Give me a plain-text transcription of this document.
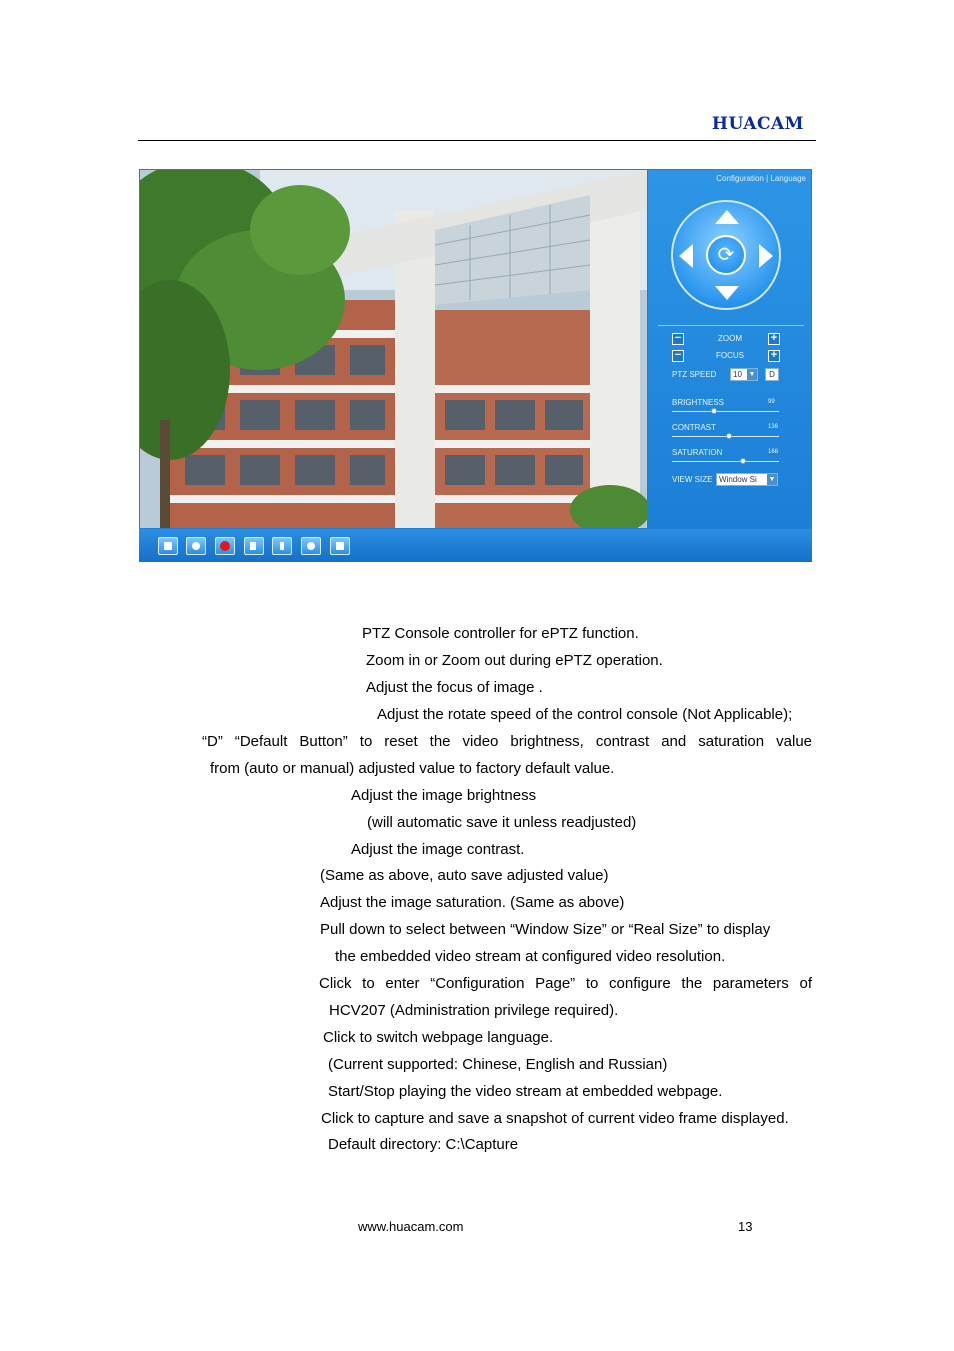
HUACAM
Configuration | Language
⟳
−	ZOOM	+
−	FOCUS	+
PTZ SPEED	10 ▼	D
BRIGHTNESS	99
CONTRAST	136
SATURATION	168
VIEW SIZE Window Si ▼
PTZ Console controller for ePTZ function.
Zoom in or Zoom out during ePTZ operation.
Adjust the focus of image .
Adjust the rotate speed of the control console (Not Applicable);
“D” “Default Button” to reset the video brightness, contrast and saturation value
from (auto or manual) adjusted value to factory default value.
Adjust the image brightness
(will automatic save it unless readjusted)
Adjust the image contrast.
(Same as above, auto save adjusted value)
Adjust the image saturation. (Same as above)
Pull down to select between “Window Size” or “Real Size” to display
the embedded video stream at configured video resolution.
Click to enter “Configuration Page” to configure the parameters of
HCV207 (Administration privilege required).
Click to switch webpage language.
(Current supported: Chinese, English and Russian)
Start/Stop playing the video stream at embedded webpage.
Click to capture and save a snapshot of current video frame displayed.
Default directory: C:\Capture
www.huacam.com	13
